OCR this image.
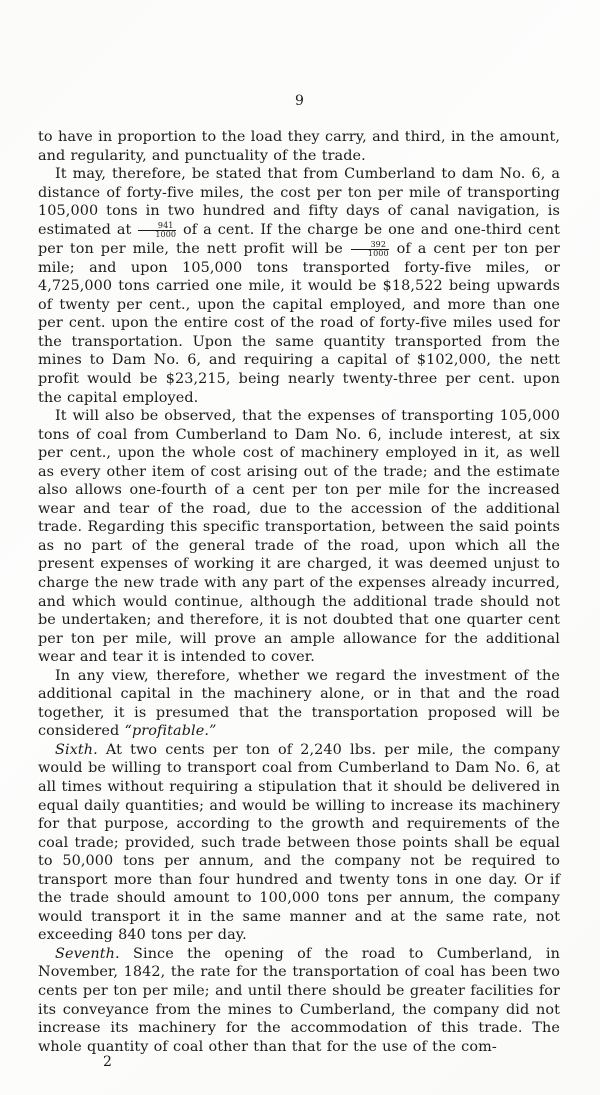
9

to have in proportion to the load they carry, and third, in the amount, and regularity, and punctuality of the trade.

It may, therefore, be stated that from Cumberland to dam No. 6, a distance of forty-five miles, the cost per ton per mile of transporting 105,000 tons in two hundred and fifty days of canal navigation, is estimated at $\frac{941}{1000}$ of a cent. If the charge be one and one-third cent per ton per mile, the nett profit will be $\frac{392}{1000}$ of a cent per ton per mile; and upon 105,000 tons transported forty-five miles, or 4,725,000 tons carried one mile, it would be $18,522 being upwards of twenty per cent., upon the capital employed, and more than one per cent. upon the entire cost of the road of forty-five miles used for the transportation. Upon the same quantity transported from the mines to Dam No. 6, and requiring a capital of $102,000, the nett profit would be $23,215, being nearly twenty-three per cent. upon the capital employed.

It will also be observed, that the expenses of transporting 105,000 tons of coal from Cumberland to Dam No. 6, include interest, at six per cent., upon the whole cost of machinery employed in it, as well as every other item of cost arising out of the trade; and the estimate also allows one-fourth of a cent per ton per mile for the increased wear and tear of the road, due to the accession of the additional trade. Regarding this specific transportation, between the said points as no part of the general trade of the road, upon which all the present expenses of working it are charged, it was deemed unjust to charge the new trade with any part of the expenses already incurred, and which would continue, although the additional trade should not be undertaken; and therefore, it is not doubted that one quarter cent per ton per mile, will prove an ample allowance for the additional wear and tear it is intended to cover.

In any view, therefore, whether we regard the investment of the additional capital in the machinery alone, or in that and the road together, it is presumed that the transportation proposed will be considered “profitable.”

Sixth. At two cents per ton of 2,240 lbs. per mile, the company would be willing to transport coal from Cumberland to Dam No. 6, at all times without requiring a stipulation that it should be delivered in equal daily quantities; and would be willing to increase its machinery for that purpose, according to the growth and requirements of the coal trade; provided, such trade between those points shall be equal to 50,000 tons per annum, and the company not be required to transport more than four hundred and twenty tons in one day. Or if the trade should amount to 100,000 tons per annum, the company would transport it in the same manner and at the same rate, not exceeding 840 tons per day.

Seventh. Since the opening of the road to Cumberland, in November, 1842, the rate for the transportation of coal has been two cents per ton per mile; and until there should be greater facilities for its conveyance from the mines to Cumberland, the company did not increase its machinery for the accommodation of this trade. The whole quantity of coal other than that for the use of the com-

2
